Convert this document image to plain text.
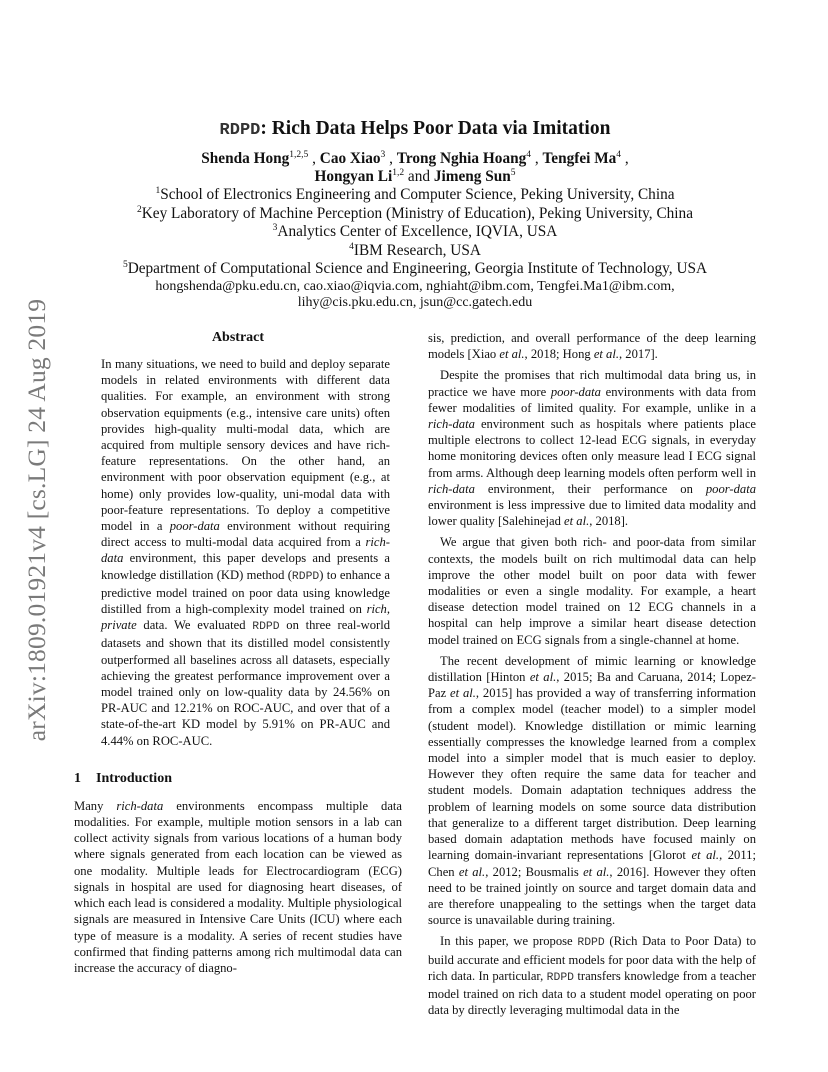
arXiv:1809.01921v4 [cs.LG] 24 Aug 2019
RDPD: Rich Data Helps Poor Data via Imitation
Shenda Hong$^{1,2,5}$ , Cao Xiao$^3$ , Trong Nghia Hoang$^4$ , Tengfei Ma$^4$ ,
Hongyan Li$^{1,2}$ and Jimeng Sun$^5$
$^1$School of Electronics Engineering and Computer Science, Peking University, China
$^2$Key Laboratory of Machine Perception (Ministry of Education), Peking University, China
$^3$Analytics Center of Excellence, IQVIA, USA
$^4$IBM Research, USA
$^5$Department of Computational Science and Engineering, Georgia Institute of Technology, USA
hongshenda@pku.edu.cn, cao.xiao@iqvia.com, nghiaht@ibm.com, Tengfei.Ma1@ibm.com,
lihy@cis.pku.edu.cn, jsun@cc.gatech.edu
Abstract

In many situations, we need to build and deploy separate models in related environments with different data qualities. For example, an environment with strong observation equipments (e.g., intensive care units) often provides high-quality multi-modal data, which are acquired from multiple sensory devices and have rich-feature representations. On the other hand, an environment with poor observation equipment (e.g., at home) only provides low-quality, uni-modal data with poor-feature representations. To deploy a competitive model in a poor-data environment without requiring direct access to multi-modal data acquired from a rich-data environment, this paper develops and presents a knowledge distillation (KD) method (RDPD) to enhance a predictive model trained on poor data using knowledge distilled from a high-complexity model trained on rich, private data. We evaluated RDPD on three real-world datasets and shown that its distilled model consistently outperformed all baselines across all datasets, especially achieving the greatest performance improvement over a model trained only on low-quality data by 24.56% on PR-AUC and 12.21% on ROC-AUC, and over that of a state-of-the-art KD model by 5.91% on PR-AUC and 4.44% on ROC-AUC.

1 Introduction

Many rich-data environments encompass multiple data modalities. For example, multiple motion sensors in a lab can collect activity signals from various locations of a human body where signals generated from each location can be viewed as one modality. Multiple leads for Electrocardiogram (ECG) signals in hospital are used for diagnosing heart diseases, of which each lead is considered a modality. Multiple physiological signals are measured in Intensive Care Units (ICU) where each type of measure is a modality. A series of recent studies have confirmed that finding patterns among rich multimodal data can increase the accuracy of diagno-

sis, prediction, and overall performance of the deep learning models [Xiao et al., 2018; Hong et al., 2017].

Despite the promises that rich multimodal data bring us, in practice we have more poor-data environments with data from fewer modalities of limited quality. For example, unlike in a rich-data environment such as hospitals where patients place multiple electrons to collect 12-lead ECG signals, in everyday home monitoring devices often only measure lead I ECG signal from arms. Although deep learning models often perform well in rich-data environment, their performance on poor-data environment is less impressive due to limited data modality and lower quality [Salehinejad et al., 2018].

We argue that given both rich- and poor-data from similar contexts, the models built on rich multimodal data can help improve the other model built on poor data with fewer modalities or even a single modality. For example, a heart disease detection model trained on 12 ECG channels in a hospital can help improve a similar heart disease detection model trained on ECG signals from a single-channel at home.

The recent development of mimic learning or knowledge distillation [Hinton et al., 2015; Ba and Caruana, 2014; Lopez-Paz et al., 2015] has provided a way of transferring information from a complex model (teacher model) to a simpler model (student model). Knowledge distillation or mimic learning essentially compresses the knowledge learned from a complex model into a simpler model that is much easier to deploy. However they often require the same data for teacher and student models. Domain adaptation techniques address the problem of learning models on some source data distribution that generalize to a different target distribution. Deep learning based domain adaptation methods have focused mainly on learning domain-invariant representations [Glorot et al., 2011; Chen et al., 2012; Bousmalis et al., 2016]. However they often need to be trained jointly on source and target domain data and are therefore unappealing to the settings when the target data source is unavailable during training.

In this paper, we propose RDPD (Rich Data to Poor Data) to build accurate and efficient models for poor data with the help of rich data. In particular, RDPD transfers knowledge from a teacher model trained on rich data to a student model operating on poor data by directly leveraging multimodal data in the
